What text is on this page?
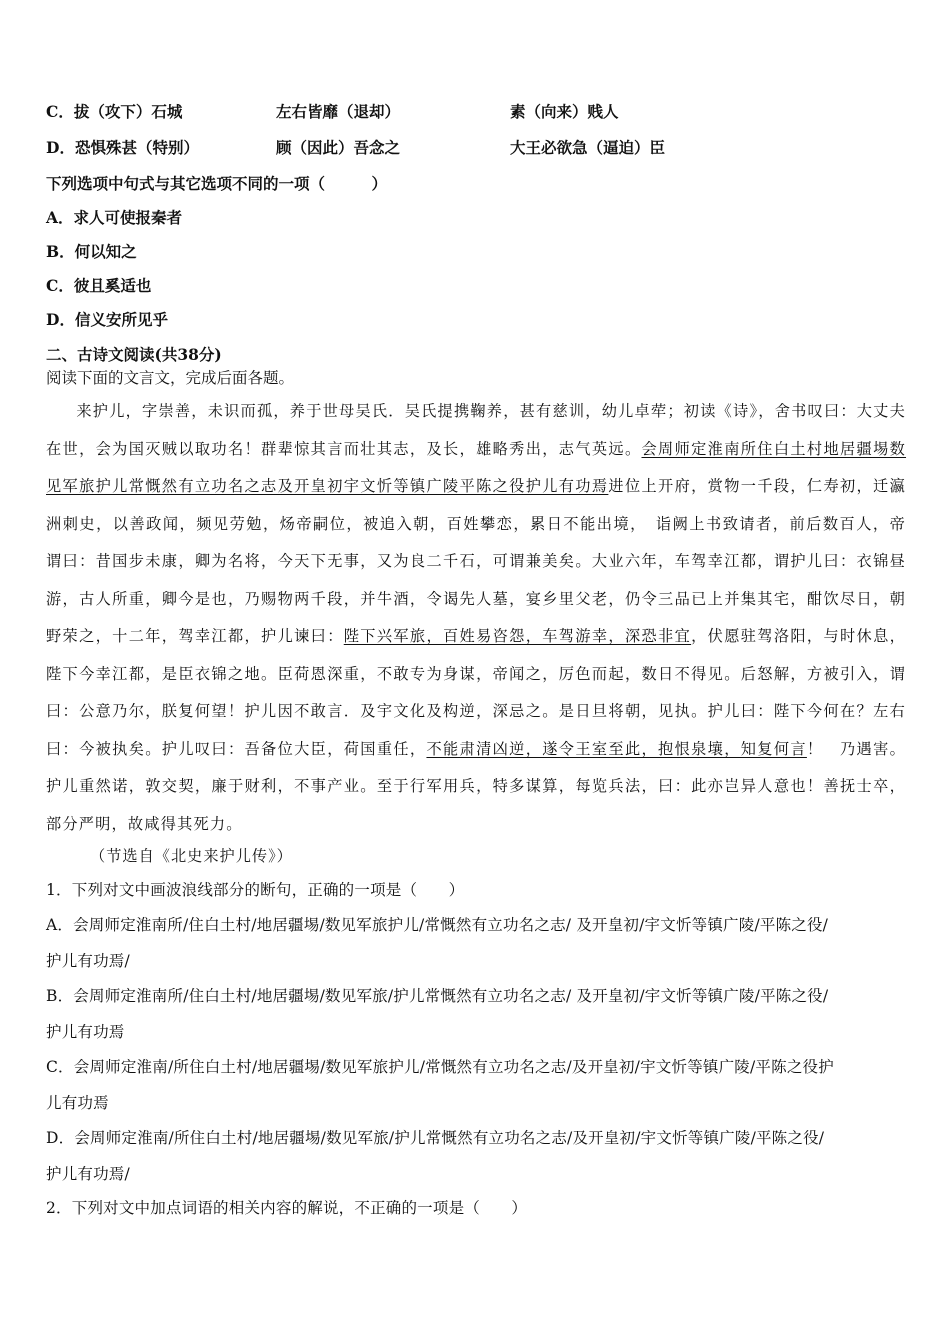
C．拔（攻下）石城	左右皆靡（退却）	素（向来）贱人
D．恐惧殊甚（特别）	顾（因此）吾念之	大王必欲急（逼迫）臣
下列选项中句式与其它选项不同的一项（　　　）
A．求人可使报秦者
B．何以知之
C．彼且奚适也
D．信义安所见乎
二、古诗文阅读(共38分)
阅读下面的文言文，完成后面各题。

来护儿，字崇善，未识而孤，养于世母吴氏．吴氏提携鞠养，甚有慈训，幼儿卓荦；初读《诗》，舍书叹曰：大丈夫在世，会为国灭贼以取功名！群辈惊其言而壮其志，及长，雄略秀出，志气英远。会周师定淮南所住白土村地居疆埸数见军旅护儿常慨然有立功名之志及开皇初宇文忻等镇广陵平陈之役护儿有功焉进位上开府，赏物一千段，仁寿初，迁瀛洲刺史，以善政闻，频见劳勉，炀帝嗣位，被追入朝，百姓攀恋，累日不能出境，　诣阙上书致请者，前后数百人，帝谓曰：昔国步未康，卿为名将，今天下无事，又为良二千石，可谓兼美矣。大业六年，车驾幸江都，谓护儿曰：衣锦昼游，古人所重，卿今是也，乃赐物两千段，并牛酒，令谒先人墓，宴乡里父老，仍令三品已上并集其宅，酣饮尽日，朝野荣之，十二年，驾幸江都，护儿谏曰：陛下兴军旅，百姓易咨怨，车驾游幸，深恐非宜，伏愿驻驾洛阳，与时休息，陛下今幸江都，是臣衣锦之地。臣荷恩深重，不敢专为身谋，帝闻之，厉色而起，数日不得见。后怒解，方被引入，谓曰：公意乃尔，朕复何望！护儿因不敢言．及宇文化及构逆，深忌之。是日旦将朝，见执。护儿曰：陛下今何在？左右曰：今被执矣。护儿叹曰：吾备位大臣，荷国重任，不能肃清凶逆，遂令王室至此，抱恨泉壤，知复何言！　乃遇害。护儿重然诺，敦交契，廉于财利，不事产业。至于行军用兵，特多谋算，每览兵法，曰：此亦岂异人意也！善抚士卒，部分严明，故咸得其死力。

（节选自《北史来护儿传》）
1．下列对文中画波浪线部分的断句，正确的一项是（　　）
A．会周师定淮南所/住白土村/地居疆埸/数见军旅护儿/常慨然有立功名之志/ 及开皇初/宇文忻等镇广陵/平陈之役/
护儿有功焉/
B．会周师定淮南所/住白土村/地居疆埸/数见军旅/护儿常慨然有立功名之志/ 及开皇初/宇文忻等镇广陵/平陈之役/
护儿有功焉
C．会周师定淮南/所住白土村/地居疆埸/数见军旅护儿/常慨然有立功名之志/及开皇初/宇文忻等镇广陵/平陈之役护
儿有功焉
D．会周师定淮南/所住白土村/地居疆埸/数见军旅/护儿常慨然有立功名之志/及开皇初/宇文忻等镇广陵/平陈之役/
护儿有功焉/
2．下列对文中加点词语的相关内容的解说，不正确的一项是（　　）
